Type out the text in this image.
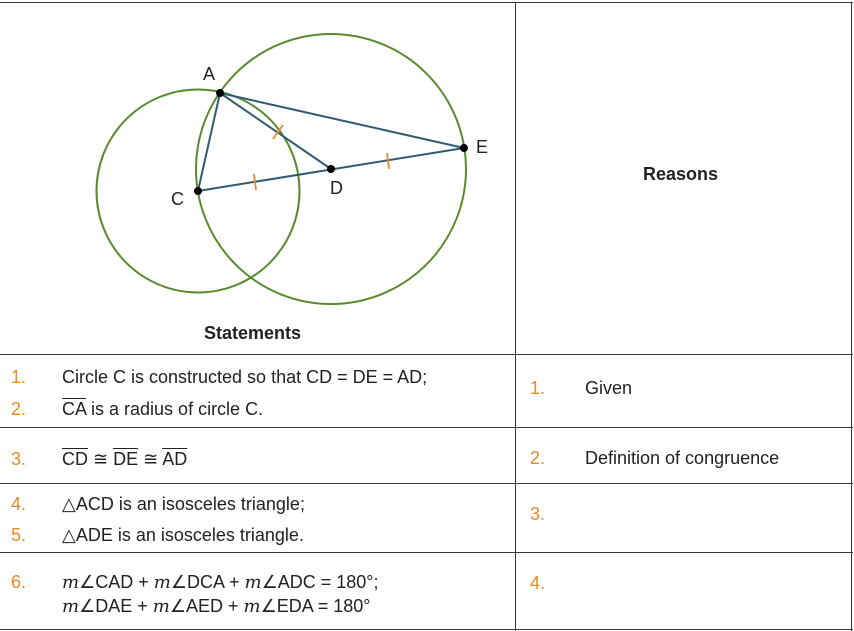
A
C
D
E
Statements
Reasons
1. Circle C is constructed so that CD = DE = AD;
2. $\overline{CA}$ is a radius of circle C.
3. $\overline{CD}$ ≅ $\overline{DE}$ ≅ $\overline{AD}$
4. △ACD is an isosceles triangle;
5. △ADE is an isosceles triangle.
6. m∠CAD + m∠DCA + m∠ADC = 180°;
m∠DAE + m∠AED + m∠EDA = 180°
1. Given
2. Definition of congruence
3.
4.
